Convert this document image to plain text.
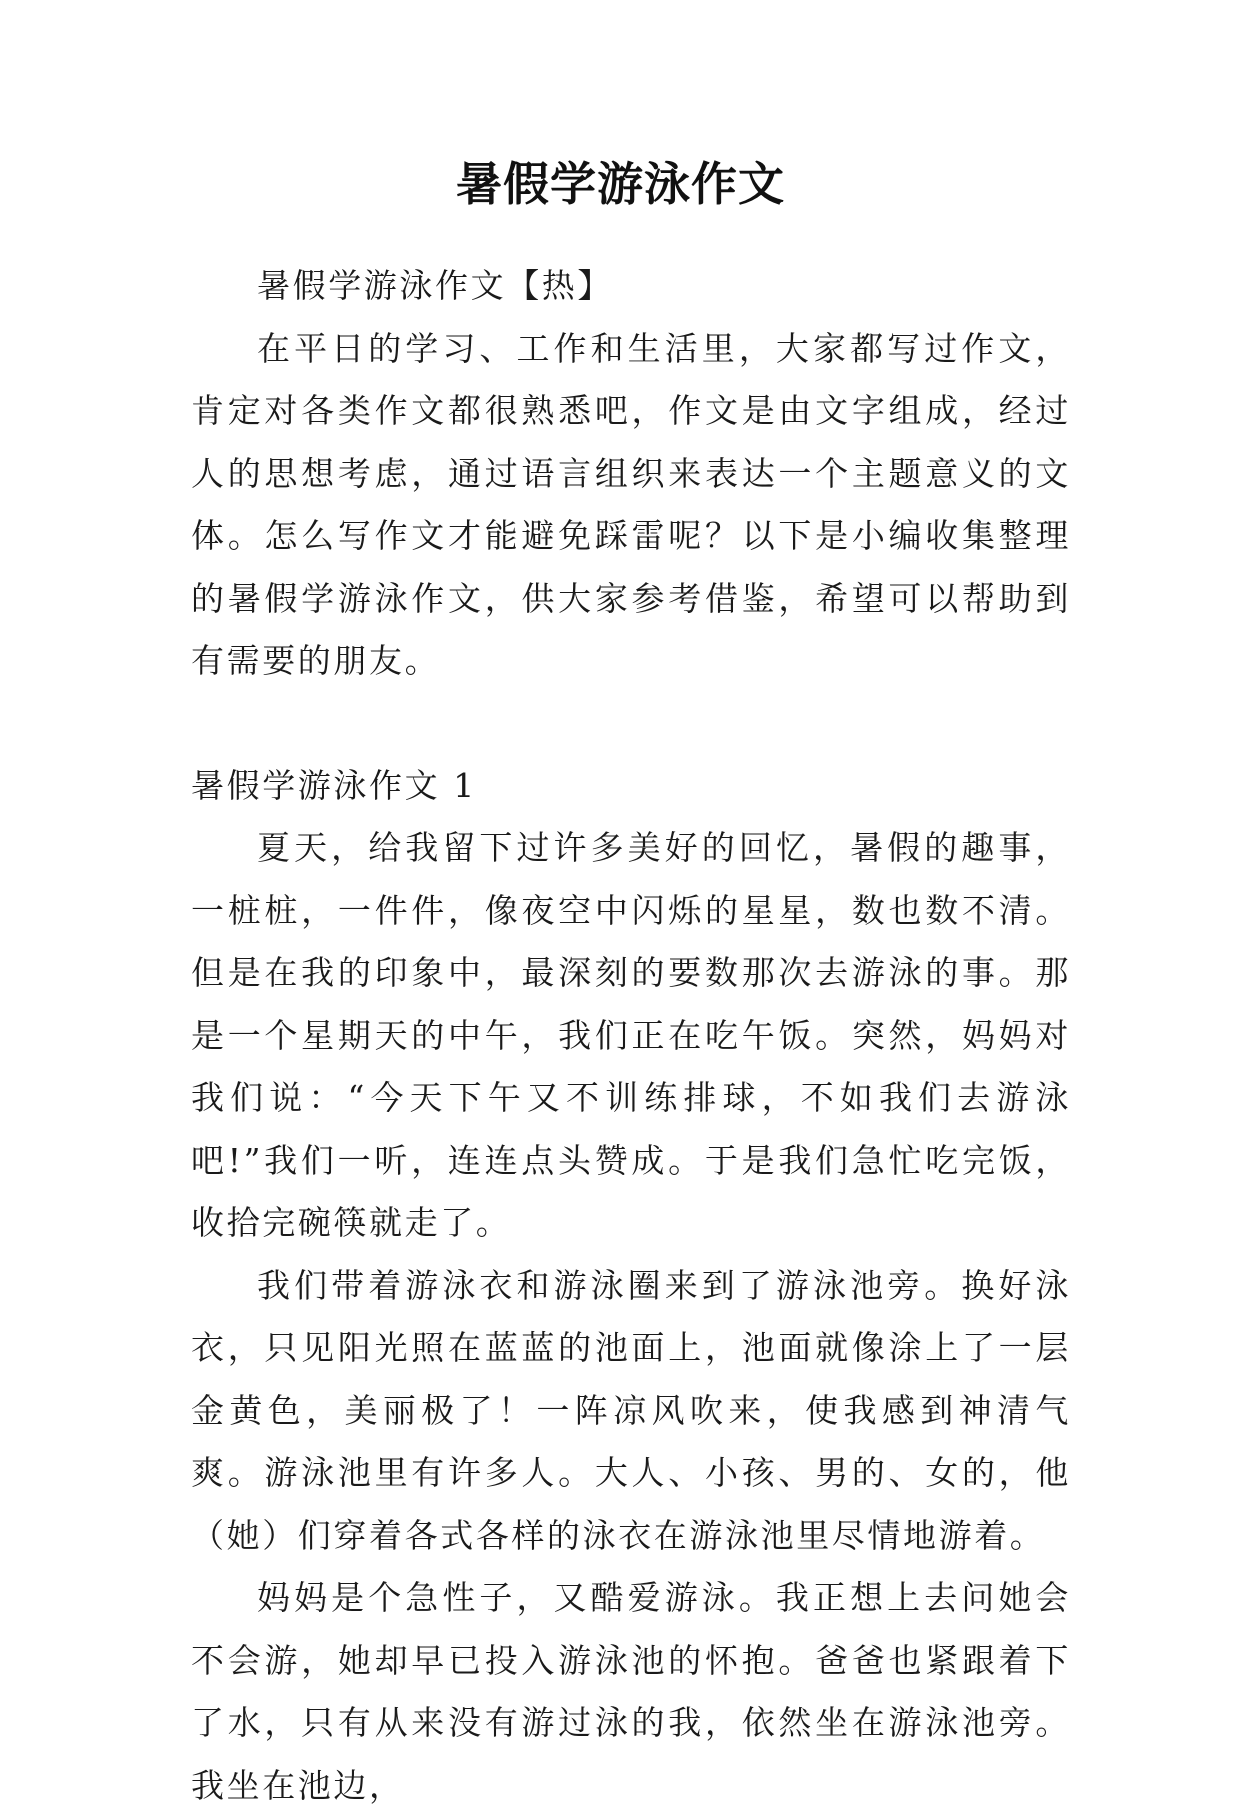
暑假学游泳作文

暑假学游泳作文【热】

在平日的学习、工作和生活里，大家都写过作文，肯定对各类作文都很熟悉吧，作文是由文字组成，经过人的思想考虑，通过语言组织来表达一个主题意义的文体。怎么写作文才能避免踩雷呢？以下是小编收集整理的暑假学游泳作文，供大家参考借鉴，希望可以帮助到有需要的朋友。

暑假学游泳作文 1

夏天，给我留下过许多美好的回忆，暑假的趣事，一桩桩，一件件，像夜空中闪烁的星星，数也数不清。但是在我的印象中，最深刻的要数那次去游泳的事。那是一个星期天的中午，我们正在吃午饭。突然，妈妈对我们说：“今天下午又不训练排球，不如我们去游泳吧!”我们一听，连连点头赞成。于是我们急忙吃完饭，收拾完碗筷就走了。

我们带着游泳衣和游泳圈来到了游泳池旁。换好泳衣，只见阳光照在蓝蓝的池面上，池面就像涂上了一层金黄色，美丽极了！一阵凉风吹来，使我感到神清气爽。游泳池里有许多人。大人、小孩、男的、女的，他（她）们穿着各式各样的泳衣在游泳池里尽情地游着。

妈妈是个急性子，又酷爱游泳。我正想上去问她会不会游，她却早已投入游泳池的怀抱。爸爸也紧跟着下了水，只有从来没有游过泳的我，依然坐在游泳池旁。我坐在池边，
